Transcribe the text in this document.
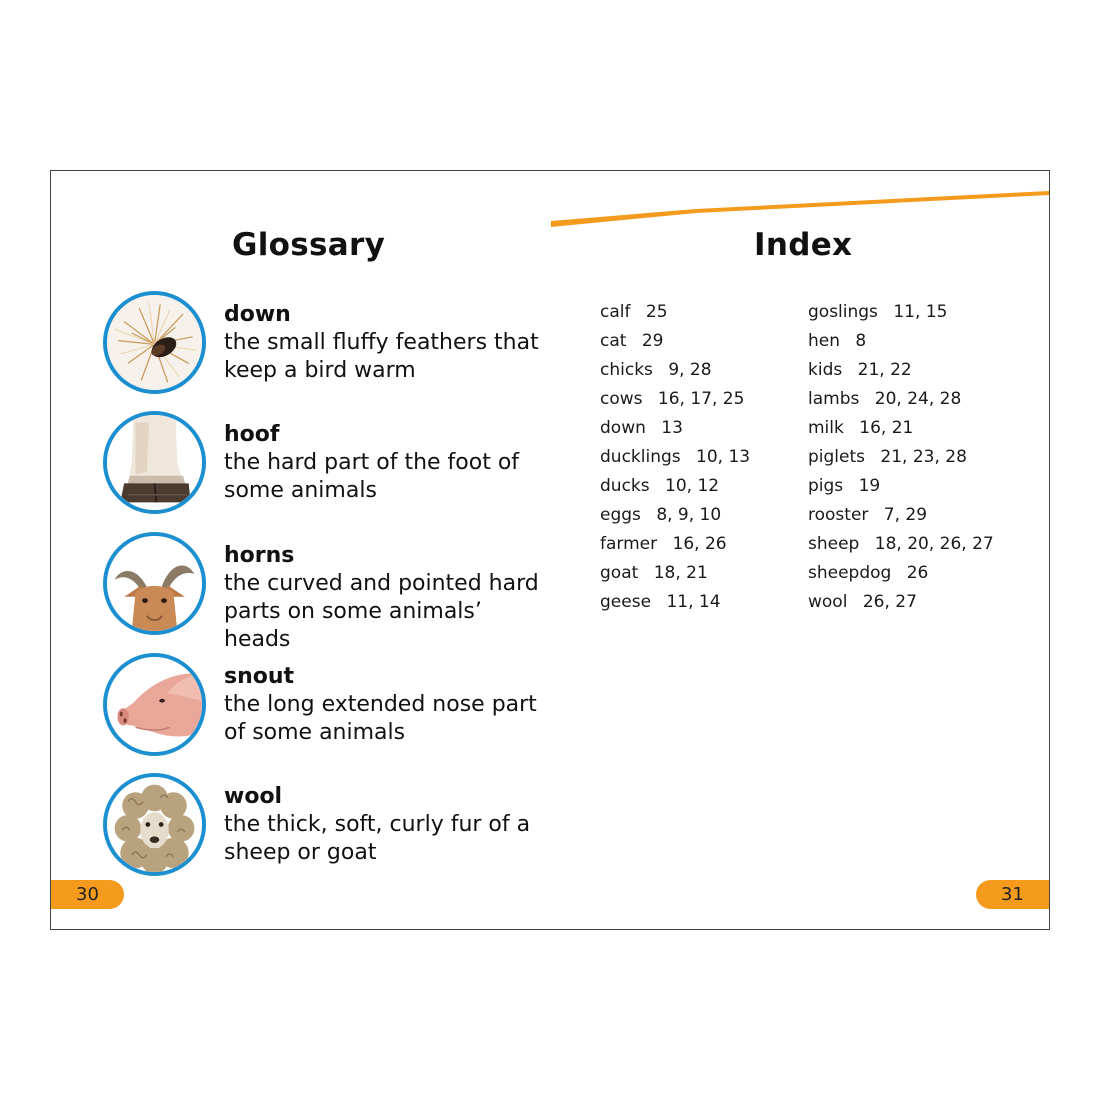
Glossary
down
the small fluffy feathers that keep a bird warm
hoof
the hard part of the foot of some animals
horns
the curved and pointed hard parts on some animals’ heads
snout
the long extended nose part of some animals
wool
the thick, soft, curly fur of a sheep or goat
30
Index
calf 25
cat 29
chicks 9, 28
cows 16, 17, 25
down 13
ducklings 10, 13
ducks 10, 12
eggs 8, 9, 10
farmer 16, 26
goat 18, 21
geese 11, 14
goslings 11, 15
hen 8
kids 21, 22
lambs 20, 24, 28
milk 16, 21
piglets 21, 23, 28
pigs 19
rooster 7, 29
sheep 18, 20, 26, 27
sheepdog 26
wool 26, 27
31
